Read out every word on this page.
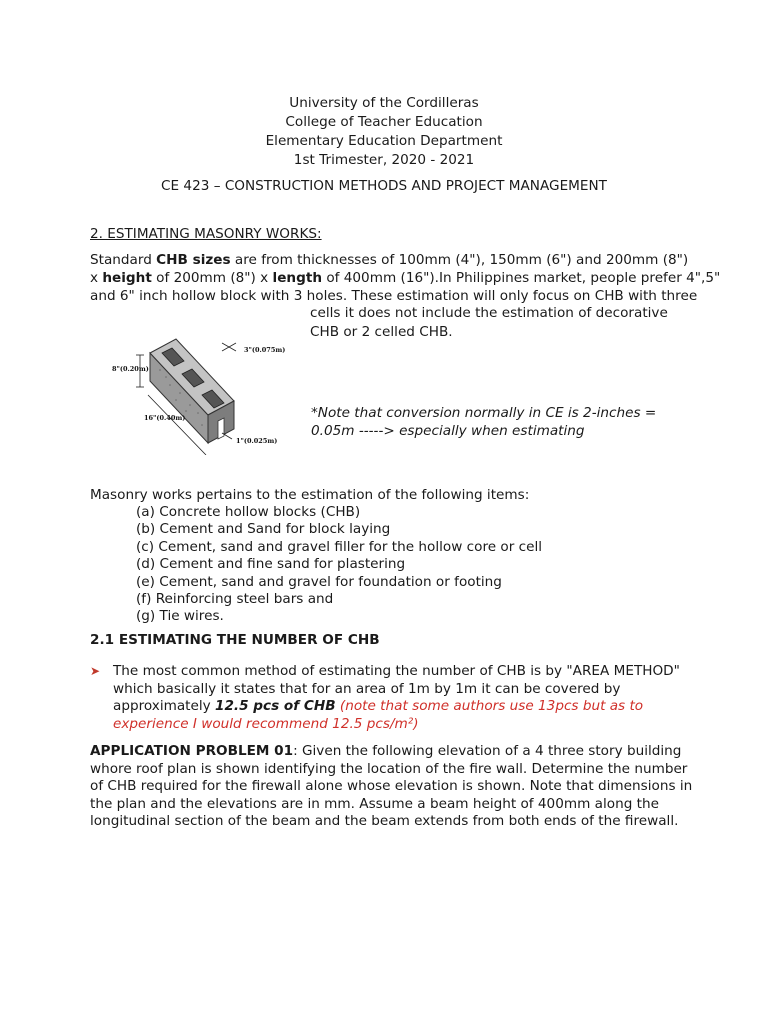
University of the Cordilleras
College of Teacher Education
Elementary Education Department
1st Trimester, 2020 - 2021
CE 423 – CONSTRUCTION METHODS AND PROJECT MANAGEMENT
2. ESTIMATING MASONRY WORKS:
Standard CHB sizes are from thicknesses of 100mm (4"), 150mm (6") and 200mm (8")
x height of 200mm (8") x length of 400mm (16").In Philippines market, people prefer 4",5"
and 6" inch hollow block with 3 holes. These estimation will only focus on CHB with three
cells it does not include the estimation of decorative
CHB or 2 celled CHB.
3"(0.075m)
8"(0.20m)
16"(0.40m)
1"(0.025m)
*Note that conversion normally in CE is 2-inches =
0.05m -----> especially when estimating
Masonry works pertains to the estimation of the following items:
(a) Concrete hollow blocks (CHB)
(b) Cement and Sand for block laying
(c) Cement, sand and gravel filler for the hollow core or cell
(d) Cement and fine sand for plastering
(e) Cement, sand and gravel for foundation or footing
(f) Reinforcing steel bars and
(g) Tie wires.
2.1 ESTIMATING THE NUMBER OF CHB
➤ The most common method of estimating the number of CHB is by "AREA METHOD"
which basically it states that for an area of 1m by 1m it can be covered by
approximately 12.5 pcs of CHB (note that some authors use 13pcs but as to
experience I would recommend 12.5 pcs/m²)
APPLICATION PROBLEM 01: Given the following elevation of a 4 three story building
whore roof plan is shown identifying the location of the fire wall. Determine the number
of CHB required for the firewall alone whose elevation is shown. Note that dimensions in
the plan and the elevations are in mm. Assume a beam height of 400mm along the
longitudinal section of the beam and the beam extends from both ends of the firewall.
